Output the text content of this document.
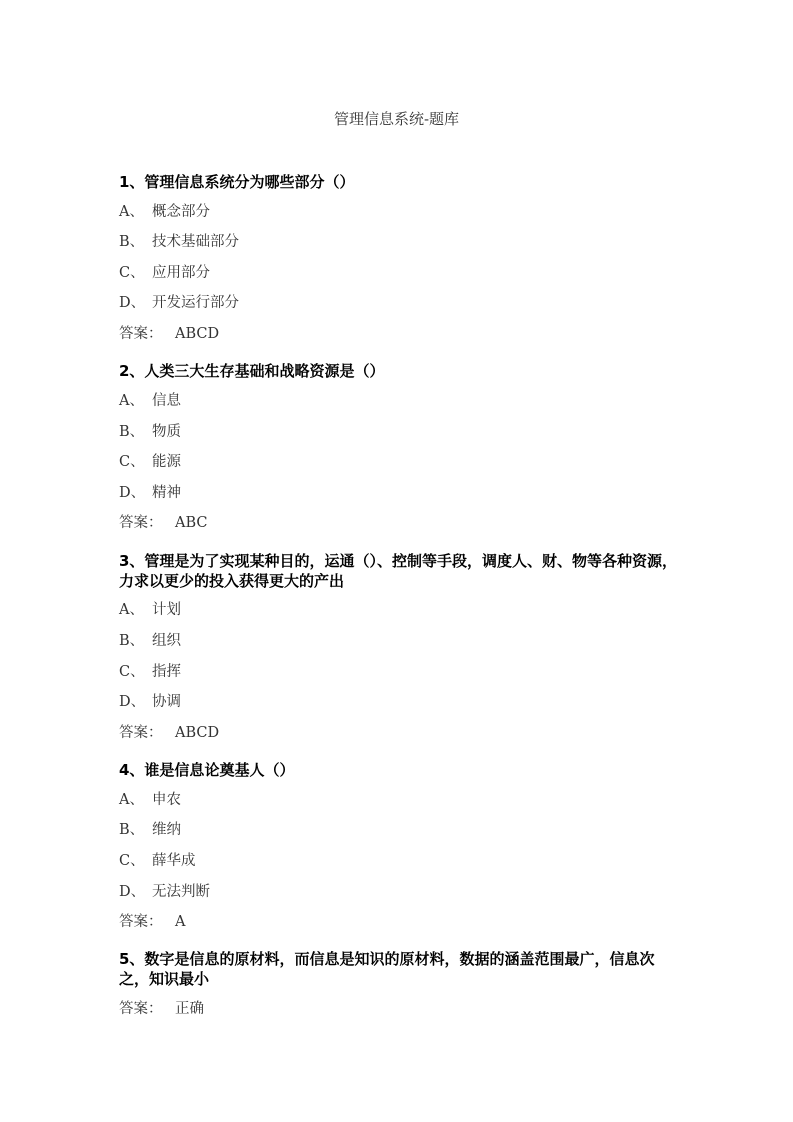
管理信息系统-题库
1、管理信息系统分为哪些部分（）
A、 概念部分
B、 技术基础部分
C、 应用部分
D、 开发运行部分
答案： ABCD
2、人类三大生存基础和战略资源是（）
A、 信息
B、 物质
C、 能源
D、 精神
答案： ABC
3、管理是为了实现某种目的，运通（）、控制等手段，调度人、财、物等各种资源，力求以更少的投入获得更大的产出
A、 计划
B、 组织
C、 指挥
D、 协调
答案： ABCD
4、谁是信息论奠基人（）
A、 申农
B、 维纳
C、 薛华成
D、 无法判断
答案： A
5、数字是信息的原材料，而信息是知识的原材料，数据的涵盖范围最广，信息次之，知识最小
答案： 正确
